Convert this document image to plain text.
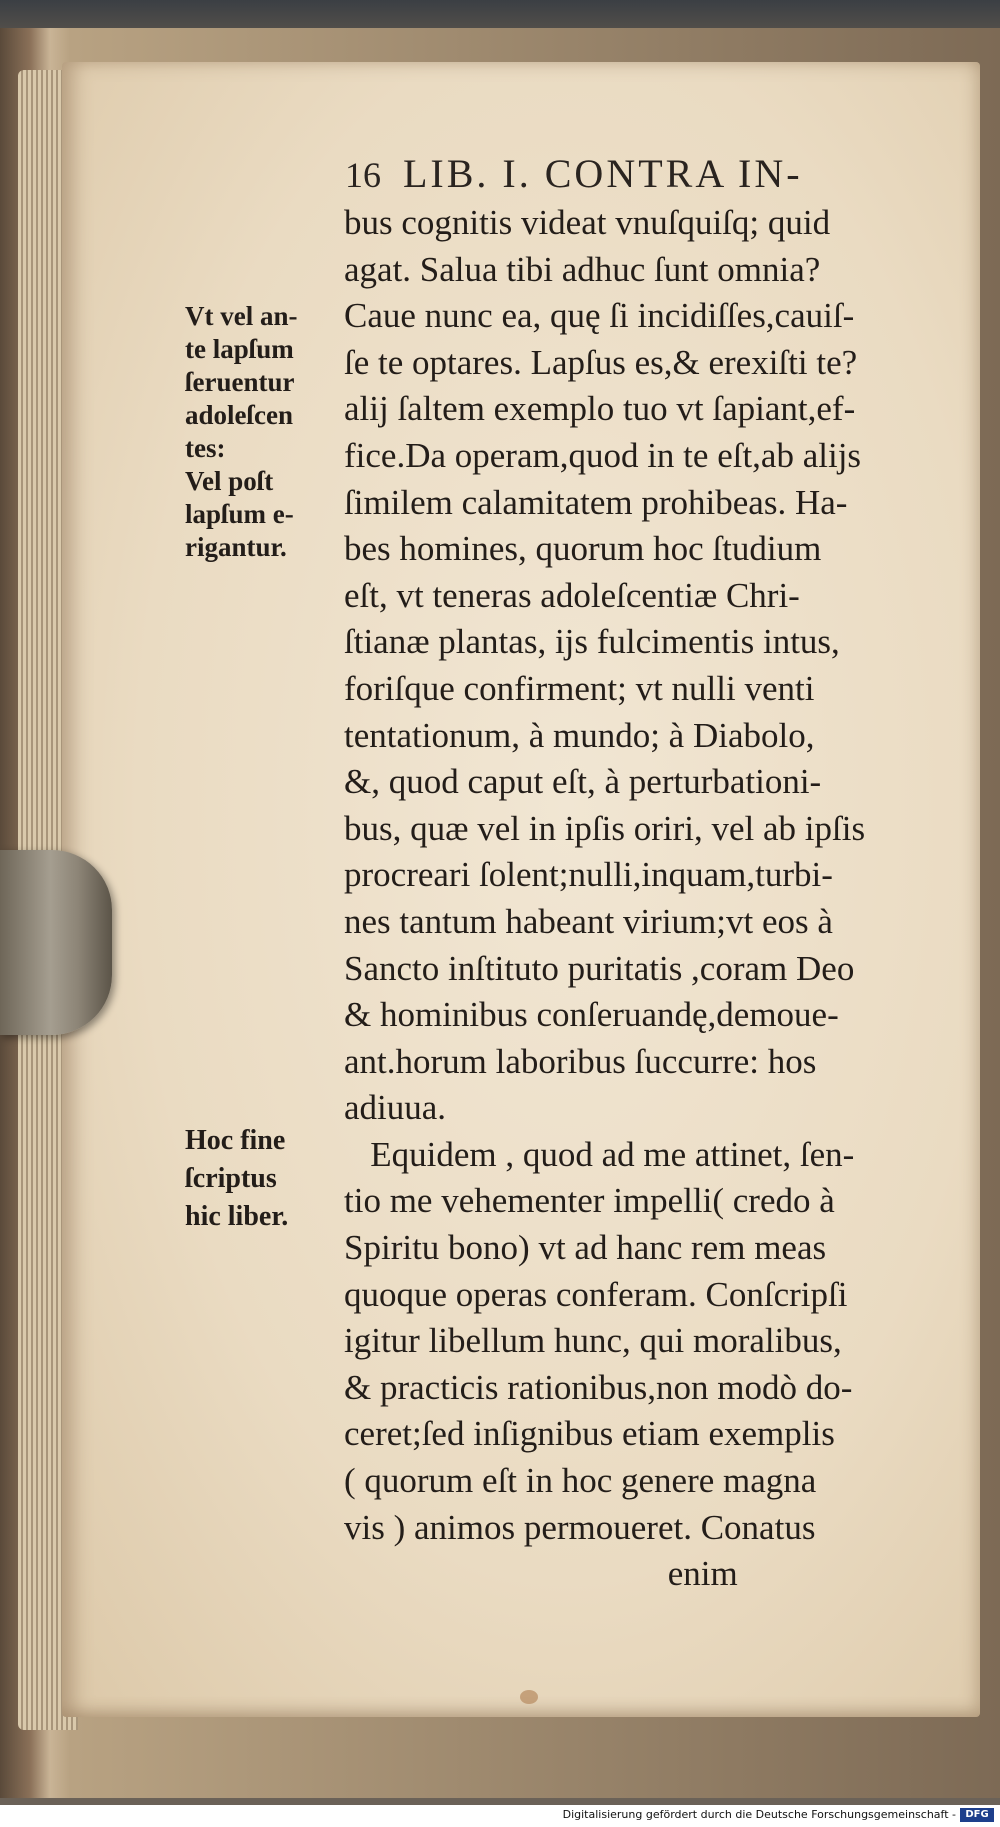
16 LIB. I. CONTRA IN-
bus cognitis videat vnuſquiſq; quid
agat. Salua tibi adhuc ſunt omnia?
Caue nunc ea, quę ſi incidiſſes,cauiſ-
ſe te optares. Lapſus es,& erexiſti te?
alij ſaltem exemplo tuo vt ſapiant,ef-
fice.Da operam,quod in te eſt,ab alijs
ſimilem calamitatem prohibeas. Ha-
bes homines, quorum hoc ſtudium
eſt, vt teneras adoleſcentiæ Chri-
ſtianæ plantas, ijs fulcimentis intus,
foriſque confirment; vt nulli venti
tentationum, à mundo; à Diabolo,
&, quod caput eſt, à perturbationi-
bus, quæ vel in ipſis oriri, vel ab ipſis
procreari ſolent;nulli,inquam,turbi-
nes tantum habeant virium;vt eos à
Sancto inſtituto puritatis ,coram Deo
& hominibus conſeruandę,demoue-
ant.horum laboribus ſuccurre: hos
adiuua.
Equidem , quod ad me attinet, ſen-
tio me vehementer impelli( credo à
Spiritu bono) vt ad hanc rem meas
quoque operas conferam. Conſcripſi
igitur libellum hunc, qui moralibus,
& practicis rationibus,non modò do-
ceret;ſed inſignibus etiam exemplis
( quorum eſt in hoc genere magna
vis ) animos permoueret. Conatus
enim
Vt vel an-
te lapſum
ſeruentur
adoleſcen
tes:
Vel poſt
lapſum e-
rigantur.
Hoc fine
ſcriptus
hic liber.
Digitalisierung gefördert durch die Deutsche Forschungsgemeinschaft - DFG
